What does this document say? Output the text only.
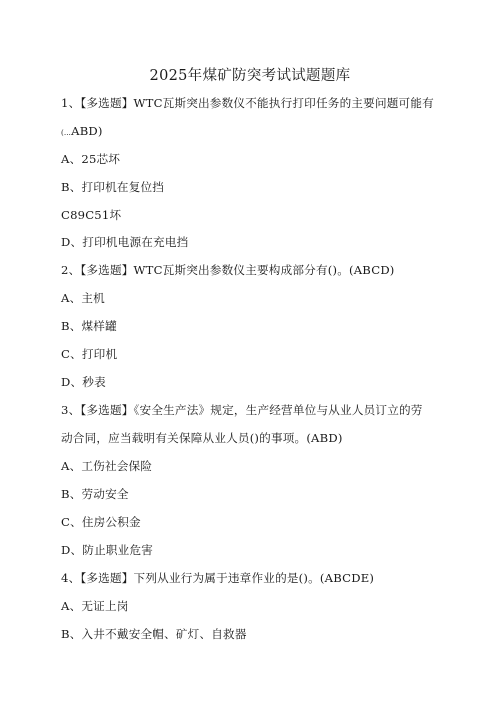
2025年煤矿防突考试试题题库
1、【多选题】WTC瓦斯突出参数仪不能执行打印任务的主要问题可能有
(…ABD)
A、25芯坏
B、打印机在复位挡
C89C51坏
D、打印机电源在充电挡
2、【多选题】WTC瓦斯突出参数仪主要构成部分有()。(ABCD)
A、主机
B、煤样罐
C、打印机
D、秒表
3、【多选题】《安全生产法》规定，生产经营单位与从业人员订立的劳
动合同，应当载明有关保障从业人员()的事项。(ABD)
A、工伤社会保险
B、劳动安全
C、住房公积金
D、防止职业危害
4、【多选题】下列从业行为属于违章作业的是()。(ABCDE)
A、无证上岗
B、入井不戴安全帽、矿灯、自救器
